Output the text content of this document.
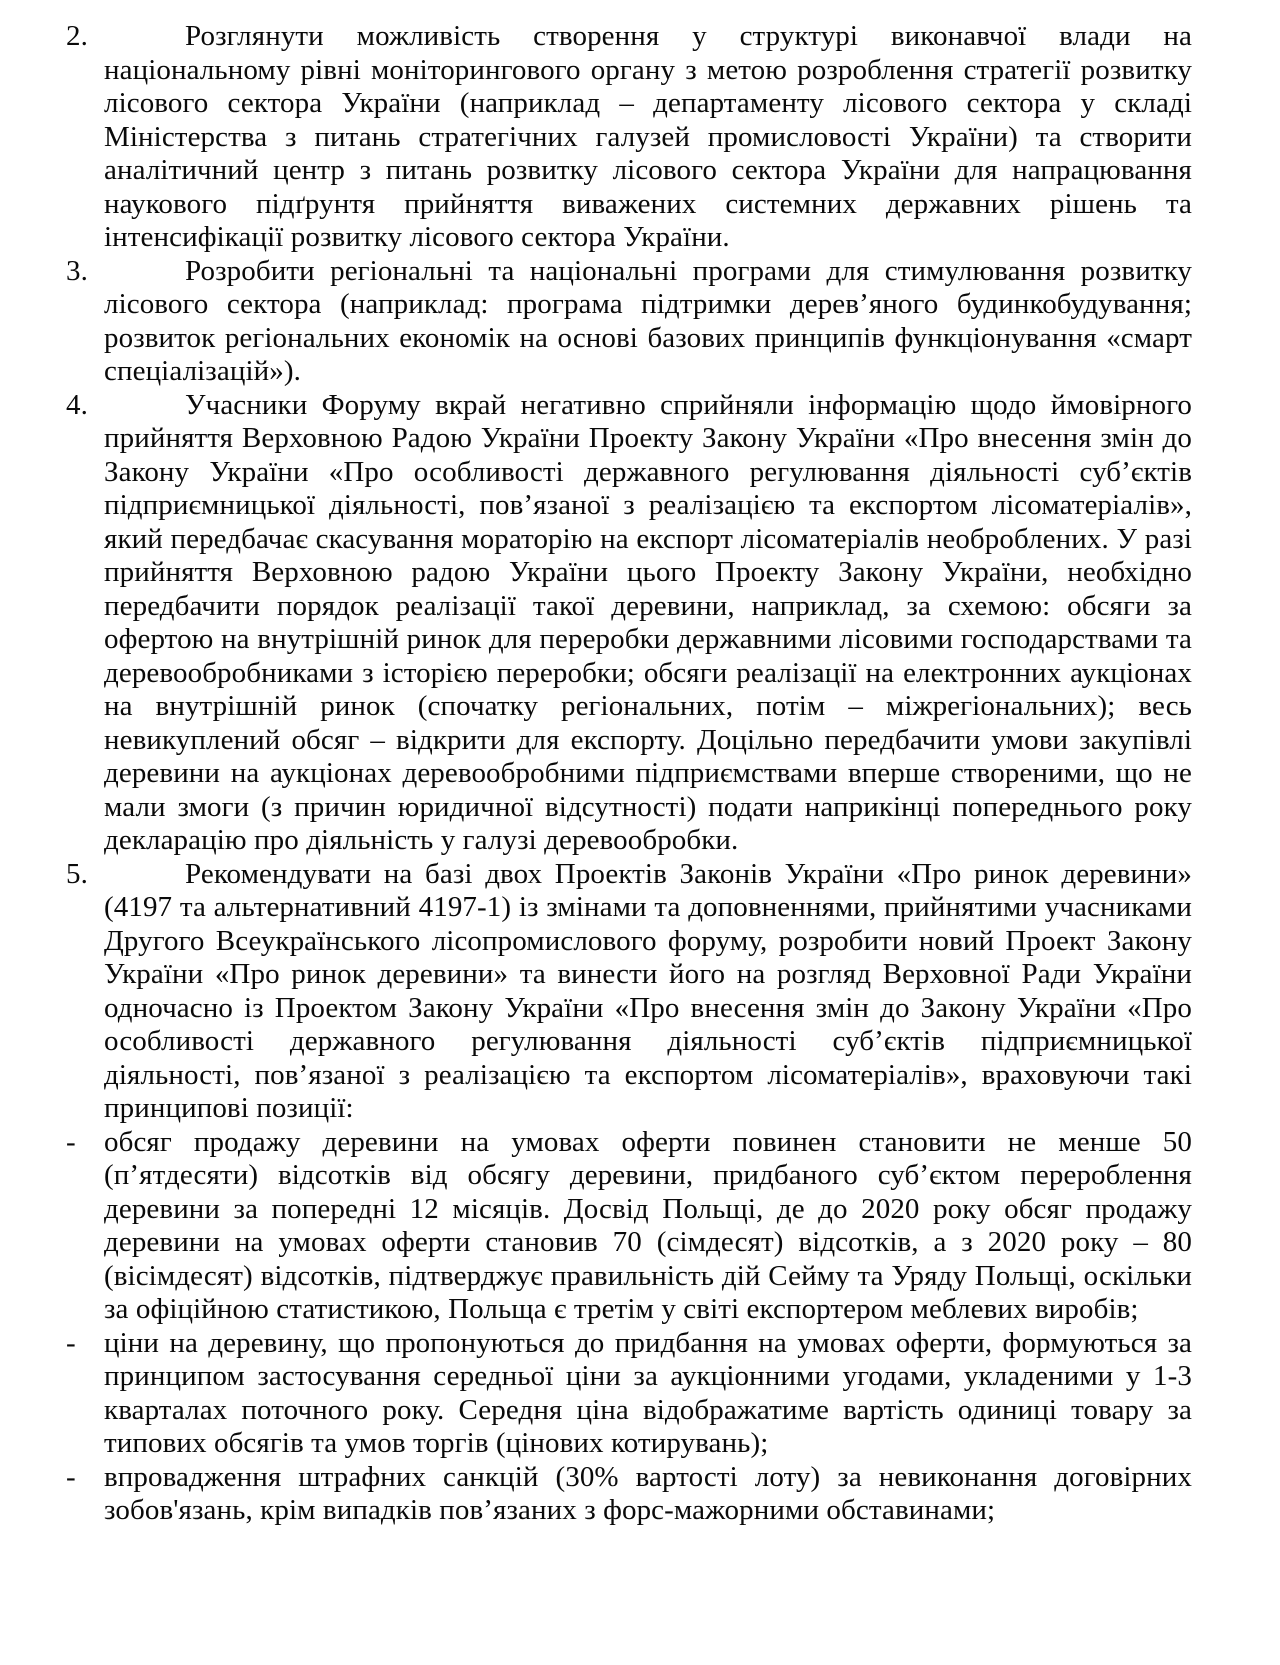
2.	Розглянути можливість створення у структурі виконавчої влади на національному рівні моніторингового органу з метою розроблення стратегії розвитку лісового сектора України (наприклад – департаменту лісового сектора у складі Міністерства з питань стратегічних галузей промисловості України) та створити аналітичний центр з питань розвитку лісового сектора України для напрацювання наукового підґрунтя прийняття виважених системних державних рішень та інтенсифікації розвитку лісового сектора України.

3.	Розробити регіональні та національні програми для стимулювання розвитку лісового сектора (наприклад: програма підтримки дерев’яного будинкобудування; розвиток регіональних економік на основі базових принципів функціонування «смарт спеціалізацій»).

4.	Учасники Форуму вкрай негативно сприйняли інформацію щодо ймовірного прийняття Верховною Радою України Проекту Закону України «Про внесення змін до Закону України «Про особливості державного регулювання діяльності суб’єктів підприємницької діяльності, пов’язаної з реалізацією та експортом лісоматеріалів», який передбачає скасування мораторію на експорт лісоматеріалів необроблених. У разі прийняття Верховною радою України цього Проекту Закону України, необхідно передбачити порядок реалізації такої деревини, наприклад, за схемою: обсяги за офертою на внутрішній ринок для переробки державними лісовими господарствами та деревообробниками з історією переробки; обсяги реалізації на електронних аукціонах на внутрішній ринок (спочатку регіональних, потім – міжрегіональних); весь невикуплений обсяг – відкрити для експорту. Доцільно передбачити умови закупівлі деревини на аукціонах деревообробними підприємствами вперше створеними, що не мали змоги (з причин юридичної відсутності) подати наприкінці попереднього року декларацію про діяльність у галузі деревообробки.

5.	Рекомендувати на базі двох Проектів Законів України «Про ринок деревини» (4197 та альтернативний 4197-1) із змінами та доповненнями, прийнятими учасниками Другого Всеукраїнського лісопромислового форуму, розробити новий Проект Закону України «Про ринок деревини» та винести його на розгляд Верховної Ради України одночасно із Проектом Закону України «Про внесення змін до Закону України «Про особливості державного регулювання діяльності суб’єктів підприємницької діяльності, пов’язаної з реалізацією та експортом лісоматеріалів», враховуючи такі принципові позиції:

- обсяг продажу деревини на умовах оферти повинен становити не менше 50 (п’ятдесяти) відсотків від обсягу деревини, придбаного суб’єктом перероблення деревини за попередні 12 місяців. Досвід Польщі, де до 2020 року обсяг продажу деревини на умовах оферти становив 70 (сімдесят) відсотків, а з 2020 року – 80 (вісімдесят) відсотків, підтверджує правильність дій Сейму та Уряду Польщі, оскільки за офіційною статистикою, Польща є третім у світі експортером меблевих виробів;

- ціни на деревину, що пропонуються до придбання на умовах оферти, формуються за принципом застосування середньої ціни за аукціонними угодами, укладеними у 1-3 кварталах поточного року. Середня ціна відображатиме вартість одиниці товару за типових обсягів та умов торгів (цінових котирувань);

- впровадження штрафних санкцій (30% вартості лоту) за невиконання договірних зобов'язань, крім випадків пов’язаних з форс-мажорними обставинами;
